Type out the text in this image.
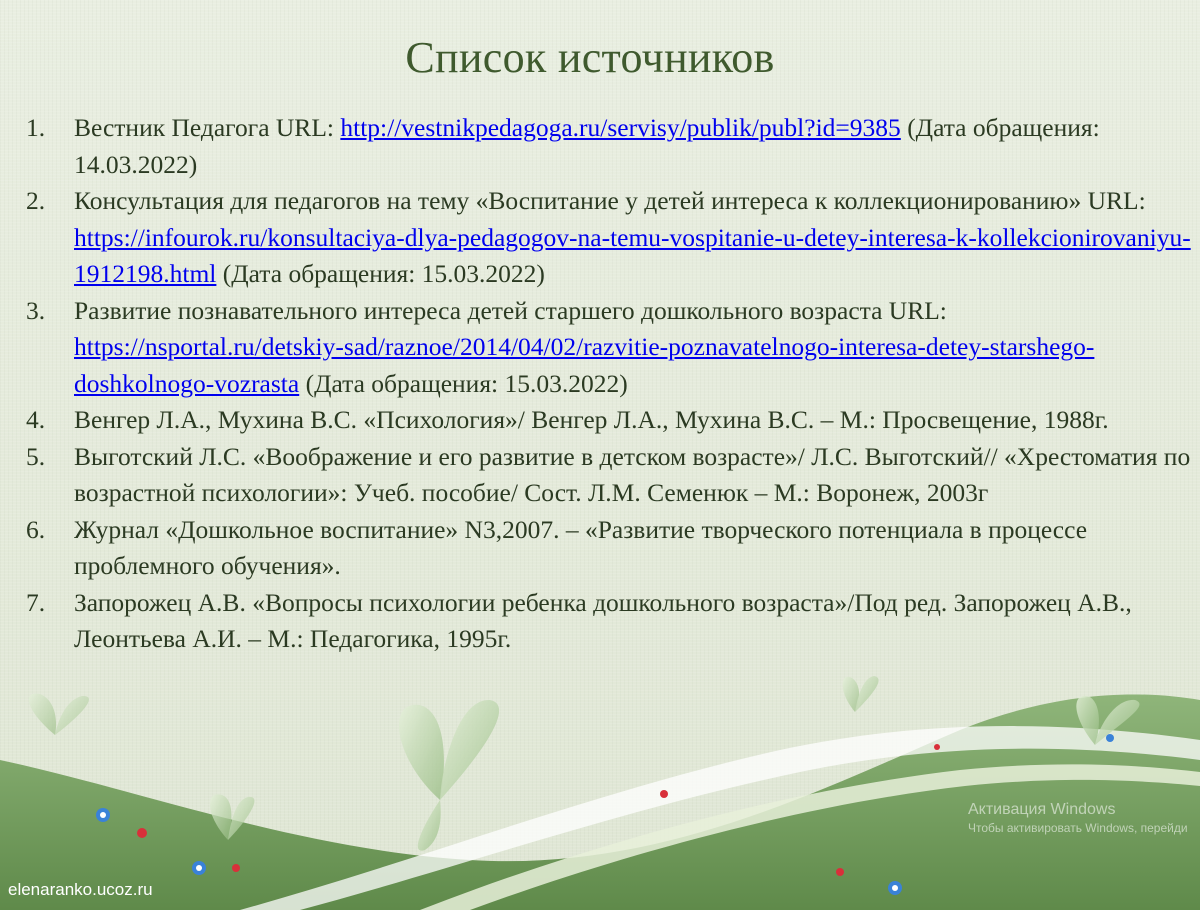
Список источников
1.	Вестник Педагога URL: http://vestnikpedagoga.ru/servisy/publik/publ?id=9385 (Дата обращения: 14.03.2022)
2.	Консультация для педагогов на тему «Воспитание у детей интереса к коллекционированию» URL: https://infourok.ru/konsultaciya-dlya-pedagogov-na-temu-vospitanie-u-detey-interesa-k-kollekcionirovaniyu-1912198.html (Дата обращения: 15.03.2022)
3.	Развитие познавательного интереса детей старшего дошкольного возраста URL: https://nsportal.ru/detskiy-sad/raznoe/2014/04/02/razvitie-poznavatelnogo-interesa-detey-starshego-doshkolnogo-vozrasta (Дата обращения: 15.03.2022)
4.	Венгер Л.А., Мухина В.С. «Психология»/ Венгер Л.А., Мухина В.С. – М.: Просвещение, 1988г.
5.	Выготский Л.С. «Воображение и его развитие в детском возрасте»/ Л.С. Выготский// «Хрестоматия по возрастной психологии»: Учеб. пособие/ Сост. Л.М. Семенюк – М.: Воронеж, 2003г
6.	Журнал «Дошкольное воспитание» N3,2007. – «Развитие творческого потенциала в процессе проблемного обучения».
7.	Запорожец А.В. «Вопросы психологии ребенка дошкольного возраста»/Под ред. Запорожец А.В., Леонтьева А.И. – М.: Педагогика, 1995г.
elenaranko.ucoz.ru
Активация Windows
Чтобы активировать Windows, перейди
